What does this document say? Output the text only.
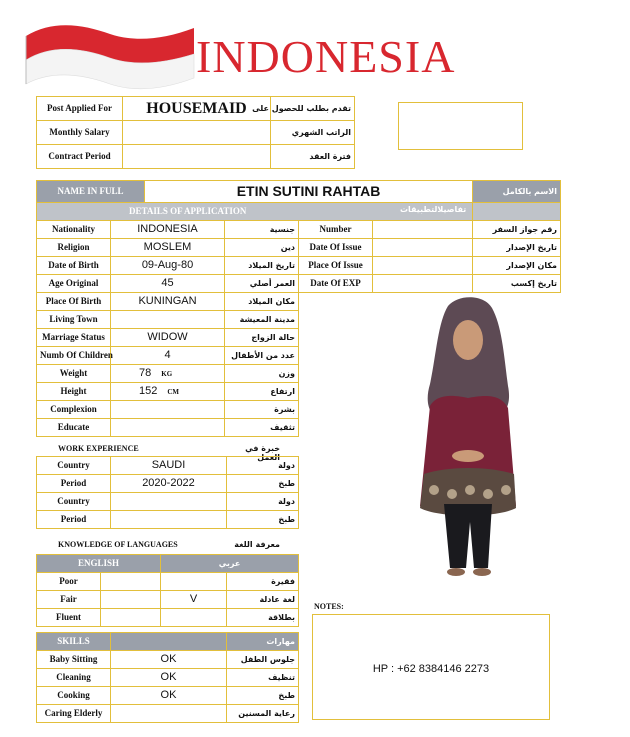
INDONESIA
Post Applied For	HOUSEMAID	تقدم بطلب للحصول على
Monthly Salary		الراتب الشهري
Contract Period		فترة العقد
NAME IN FULL	ETIN SUTINI RAHTAB	الاسم بالكامل
DETAILS OF APPLICATION			تفاصيلالتطبيقات
Nationality	INDONESIA	جنسية
Religion	MOSLEM	دين
Date of Birth	09-Aug-80	تاريخ الميلاد
Age Original	45	العمر أصلي
Place Of Birth	KUNINGAN	مكان الميلاد
Living Town		مدينة المعيشة
Marriage Status	WIDOW	حالة الزواج
Numb Of Children	4	عدد من الأطفال
Weight	78 KG	وزن
Height	152 CM	ارتفاع
Complexion		بشرة
Educate		تثقيف
Number		رقم جواز السفر
Date Of Issue		تاريخ الإصدار
Place Of Issue		مكان الإصدار
Date Of EXP		تاريخ إكسب
WORK EXPERIENCE	خبرة في العمل
Country	SAUDI	دولة
Period	2020-2022	طبخ
Country		دولة
Period		طبخ
KNOWLEDGE OF LANGUAGES	معرفة اللغة
ENGLISH		عربي	
Poor			فقيرة
Fair		V	لغة عادلة
Fluent			بطلاقة
SKILLS		مهارات
Baby Sitting	OK	جلوس الطفل
Cleaning	OK	تنظيف
Cooking	OK	طبخ
Caring Elderly		رعاية المسنين
NOTES:
HP : +62 8384146 2273
